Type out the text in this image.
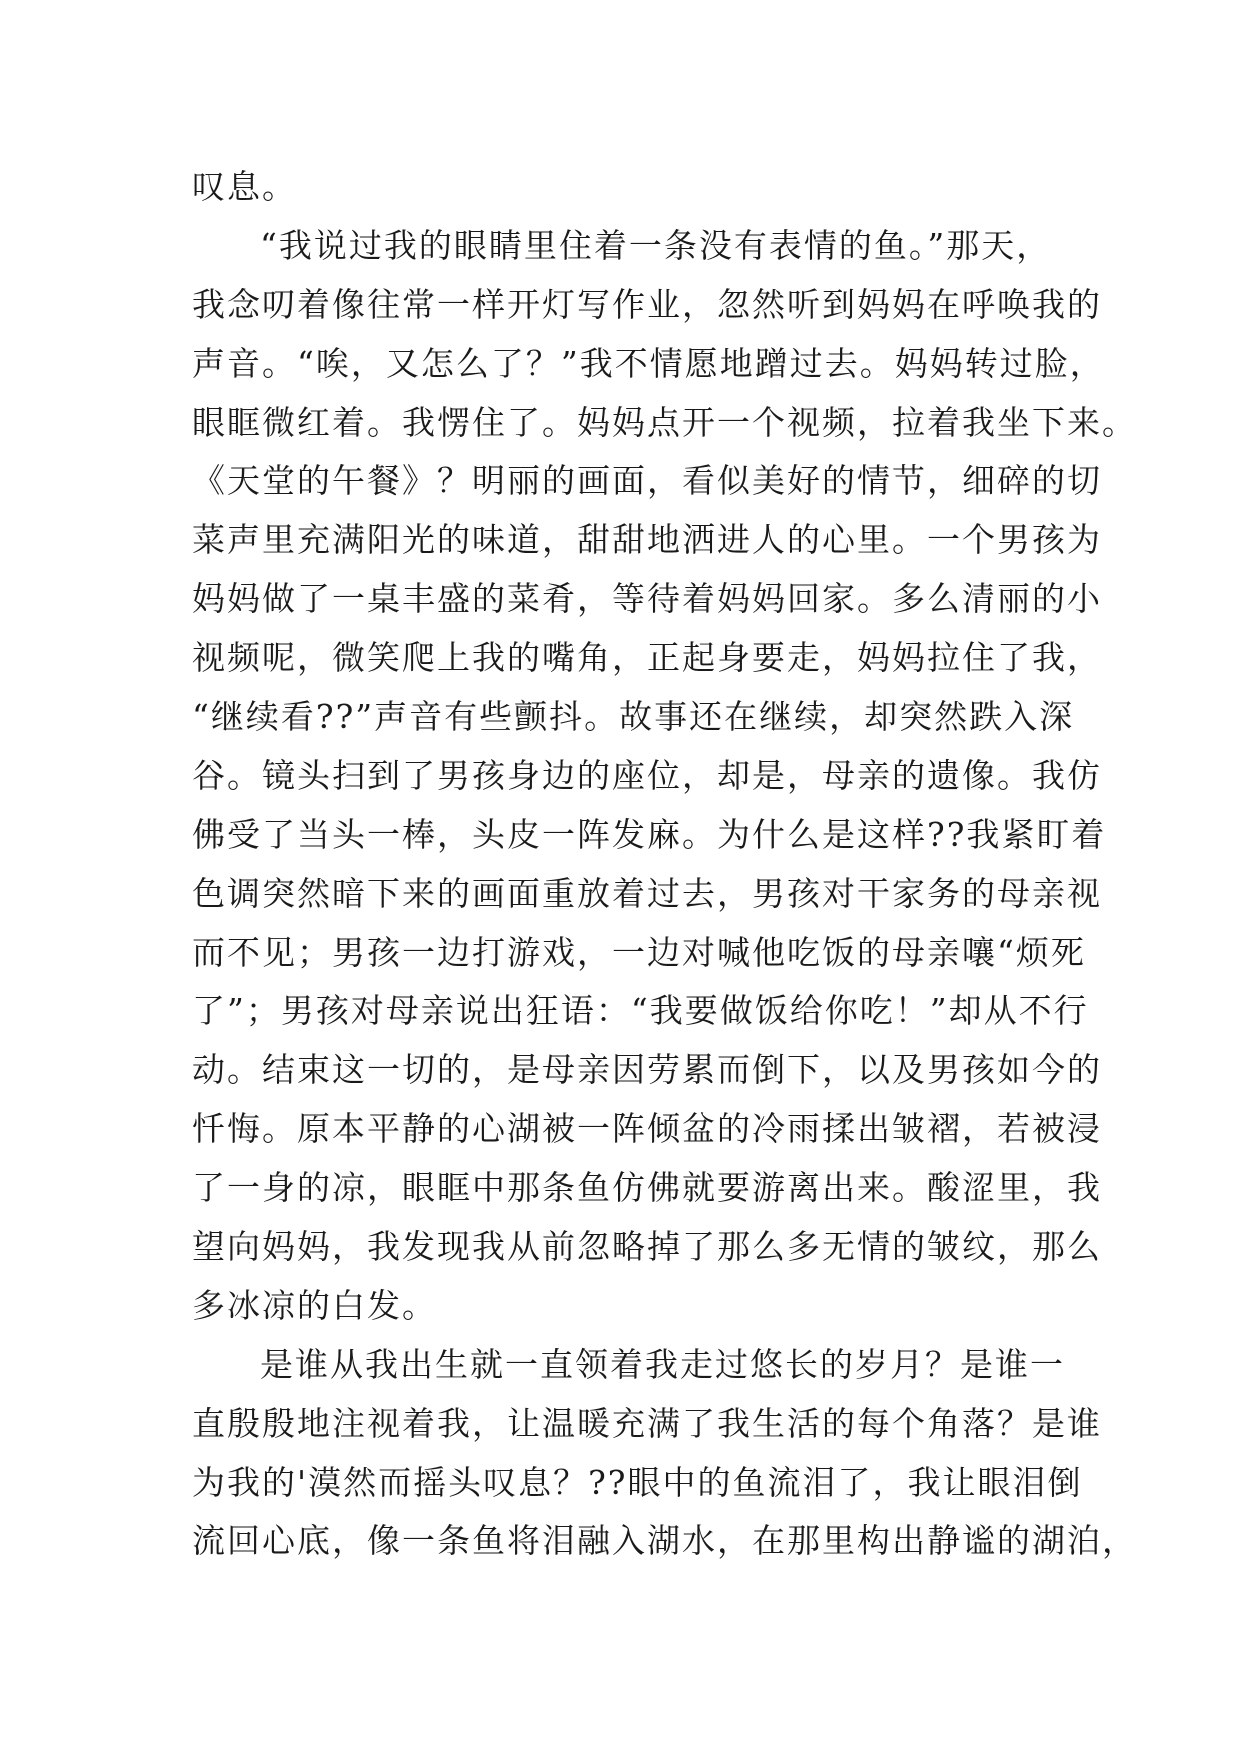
叹息。
“我说过我的眼睛里住着一条没有表情的鱼。”那天，
我念叨着像往常一样开灯写作业，忽然听到妈妈在呼唤我的
声音。“唉，又怎么了？”我不情愿地蹭过去。妈妈转过脸，
眼眶微红着。我愣住了。妈妈点开一个视频，拉着我坐下来。
《天堂的午餐》？明丽的画面，看似美好的情节，细碎的切
菜声里充满阳光的味道，甜甜地洒进人的心里。一个男孩为
妈妈做了一桌丰盛的菜肴，等待着妈妈回家。多么清丽的小
视频呢，微笑爬上我的嘴角，正起身要走，妈妈拉住了我，
“继续看??”声音有些颤抖。故事还在继续，却突然跌入深
谷。镜头扫到了男孩身边的座位，却是，母亲的遗像。我仿
佛受了当头一棒，头皮一阵发麻。为什么是这样??我紧盯着
色调突然暗下来的画面重放着过去，男孩对干家务的母亲视
而不见；男孩一边打游戏，一边对喊他吃饭的母亲嚷“烦死
了”；男孩对母亲说出狂语：“我要做饭给你吃！”却从不行
动。结束这一切的，是母亲因劳累而倒下，以及男孩如今的
忏悔。原本平静的心湖被一阵倾盆的冷雨揉出皱褶，若被浸
了一身的凉，眼眶中那条鱼仿佛就要游离出来。酸涩里，我
望向妈妈，我发现我从前忽略掉了那么多无情的皱纹，那么
多冰凉的白发。
是谁从我出生就一直领着我走过悠长的岁月？是谁一
直殷殷地注视着我，让温暖充满了我生活的每个角落？是谁
为我的'漠然而摇头叹息？??眼中的鱼流泪了，我让眼泪倒
流回心底，像一条鱼将泪融入湖水，在那里构出静谧的湖泊，
